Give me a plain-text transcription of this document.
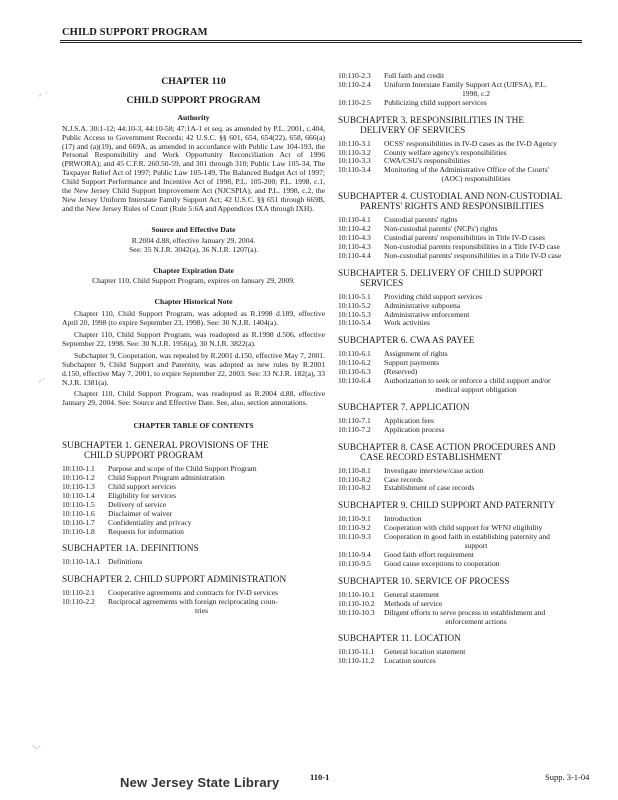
CHILD SUPPORT PROGRAM
⸝ ·
⸝·
⸜⸝
CHAPTER 110
CHILD SUPPORT PROGRAM
Authority
N.J.S.A. 30:1-12; 44:10-3, 44:10-58; 47:1A-1 et seq. as amended by P.L. 2001, c.404, Public Access to Government Records; 42 U.S.C. §§ 601, 654, 654(22), 658, 666(a)(17) and (a)(19), and 669A, as amended in accordance with Public Law 104-193, the Personal Responsibility and Work Opportunity Reconciliation Act of 1996 (PRWORA); and 45 C.F.R. 260.50-59, and 301 through 310; Public Law 105-34, The Taxpayer Relief Act of 1997; Public Law 105-149, The Balanced Budget Act of 1997; Child Support Performance and Incentive Act of 1998, P.L. 105-200; P.L. 1998, c.1, the New Jersey Child Support Improvement Act (NJCSPIA); and P.L. 1998, c.2, the New Jersey Uniform Interstate Family Support Act; 42 U.S.C. §§ 651 through 669B, and the New Jersey Rules of Court (Rule 5:6A and Appendices IXA through IXH).
Source and Effective Date
R.2004 d.88, effective January 29, 2004.
See: 35 N.J.R. 3042(a), 36 N.J.R. 1207(a).
Chapter Expiration Date
Chapter 110, Child Support Program, expires on January 29, 2009.
Chapter Historical Note
Chapter 110, Child Support Program, was adopted as R.1998 d.189, effective April 20, 1998 (to expire September 23, 1998). See: 30 N.J.R. 1404(a).
Chapter 110, Child Support Program, was readopted as R.1998 d.506, effective September 22, 1998. See: 30 N.J.R. 1956(a), 30 N.J.R. 3822(a).
Subchapter 9, Cooperation, was repealed by R.2001 d.150, effective May 7, 2001. Subchapter 9, Child Support and Paternity, was adopted as new rules by R.2001 d.150, effective May 7, 2001, to expire September 22, 2003. See: 33 N.J.R. 182(a), 33 N.J.R. 1381(a).
Chapter 110, Child Support Program, was readopted as R.2004 d.88, effective January 29, 2004. See: Source and Effective Date. See, also, section annotations.
CHAPTER TABLE OF CONTENTS
SUBCHAPTER 1. GENERAL PROVISIONS OF THE
CHILD SUPPORT PROGRAM
10:110-1.1	Purpose and scope of the Child Support Program
10:110-1.2	Child Support Program administration
10:110-1.3	Child support services
10:110-1.4	Eligibility for services
10:110-1.5	Delivery of service
10:110-1.6	Disclaimer of waiver
10:110-1.7	Confidentiality and privacy
10:110-1.8	Requests for information
SUBCHAPTER 1A. DEFINITIONS
10:110-1A.1	Definitions
SUBCHAPTER 2. CHILD SUPPORT ADMINISTRATION
10:110-2.1	Cooperative agreements and contracts for IV-D services
10:110-2.2	Reciprocal agreements with foreign reciprocating coun-
tries
10:110-2.3	Full faith and credit
10:110-2.4	Uniform Interstate Family Support Act (UIFSA), P.L.
1998, c.2
10:110-2.5	Publicizing child support services
SUBCHAPTER 3. RESPONSIBILITIES IN THE
DELIVERY OF SERVICES
10:110-3.1	OCSS' responsibilities in IV-D cases as the IV-D Agency
10:110-3.2	County welfare agency's responsibilities
10:110-3.3	CWA/CSU's responsibilities
10:110-3.4	Monitoring of the Administrative Office of the Courts'
(AOC) responsibilities
SUBCHAPTER 4. CUSTODIAL AND NON-CUSTODIAL
PARENTS' RIGHTS AND RESPONSIBILITIES
10:110-4.1	Custodial parents' rights
10:110-4.2	Non-custodial parents' (NCPs') rights
10:110-4.3	Custodial parents' responsibilities in Title IV-D cases
10:110-4.3	Non-custodial parents responsibilities in a Title IV-D case
10:110-4.4	Non-custodial parents' responsibilities in a Title IV-D case
SUBCHAPTER 5. DELIVERY OF CHILD SUPPORT
SERVICES
10:110-5.1	Providing child support services
10:110-5.2	Administrative subpoena
10:110-5.3	Administrative enforcement
10:110-5.4	Work activities
SUBCHAPTER 6. CWA AS PAYEE
10:110-6.1	Assignment of rights
10:110-6.2	Support payments
10:110-6.3	(Reserved)
10:110-6.4	Authorization to seek or enforce a child support and/or
medical support obligation
SUBCHAPTER 7. APPLICATION
10:110-7.1	Application fees
10:110-7.2	Application process
SUBCHAPTER 8. CASE ACTION PROCEDURES AND
CASE RECORD ESTABLISHMENT
10:110-8.1	Investigate interview/case action
10:110-8.2	Case records
10:110-8.2	Establishment of case records
SUBCHAPTER 9. CHILD SUPPORT AND PATERNITY
10:110-9.1	Introduction
10:110-9.2	Cooperation with child support for WFNJ eligibility
10:110-9.3	Cooperation in good faith in establishing paternity and
support
10:110-9.4	Good faith effort requirement
10:110-9.5	Good cause exceptions to cooperation
SUBCHAPTER 10. SERVICE OF PROCESS
10:110-10.1	General statement
10:110-10.2	Methods of service
10:110-10.3	Diligent efforts to serve process in establishment and
enforcement actions
SUBCHAPTER 11. LOCATION
10:110-11.1	General location statement
10:110-11.2	Location sources
New Jersey State Library	110-1	Supp. 3-1-04
